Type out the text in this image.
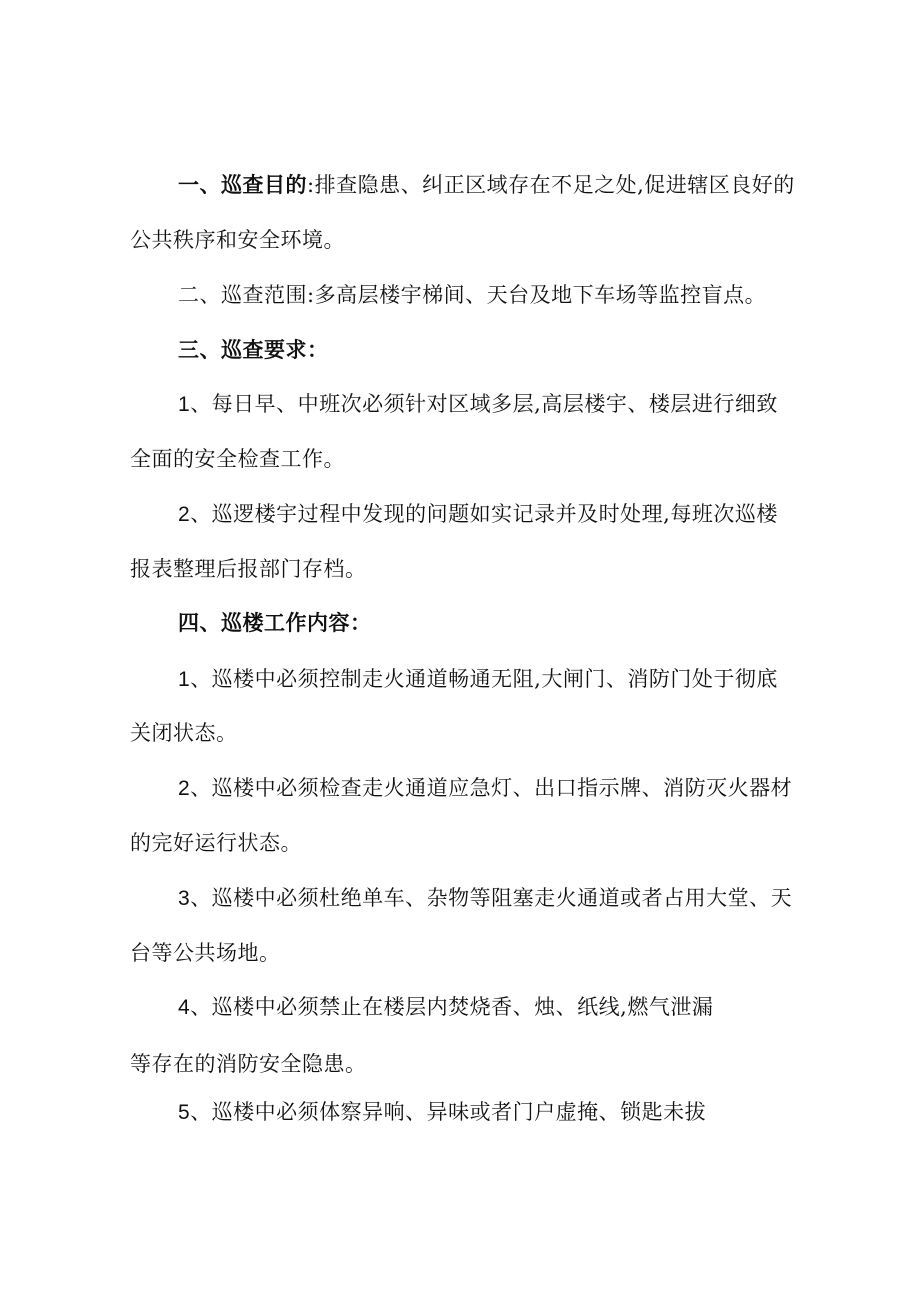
一、巡查目的:排查隐患、纠正区域存在不足之处,促进辖区良好的
公共秩序和安全环境。
二、巡查范围:多高层楼宇梯间、天台及地下车场等监控盲点。
三、巡查要求：
1、每日早、中班次必须针对区域多层,高层楼宇、楼层进行细致
全面的安全检查工作。
2、巡逻楼宇过程中发现的问题如实记录并及时处理,每班次巡楼
报表整理后报部门存档。
四、巡楼工作内容：
1、巡楼中必须控制走火通道畅通无阻,大闸门、消防门处于彻底
关闭状态。
2、巡楼中必须检查走火通道应急灯、出口指示牌、消防灭火器材
的完好运行状态。
3、巡楼中必须杜绝单车、杂物等阻塞走火通道或者占用大堂、天
台等公共场地。
4、巡楼中必须禁止在楼层内焚烧香、烛、纸线,燃气泄漏
等存在的消防安全隐患。
5、巡楼中必须体察异响、异味或者门户虚掩、锁匙未拔
